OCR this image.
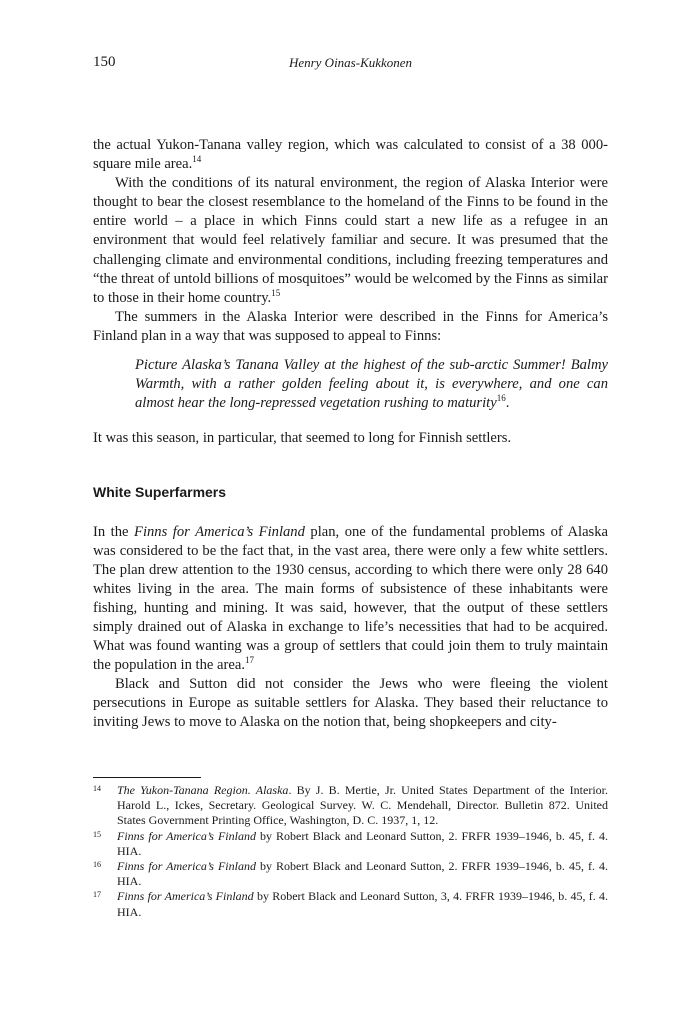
150	Henry Oinas-Kukkonen

the actual Yukon-Tanana valley region, which was calculated to consist of a 38 000-square mile area.$^{14}$

With the conditions of its natural environment, the region of Alaska Interior were thought to bear the closest resemblance to the homeland of the Finns to be found in the entire world – a place in which Finns could start a new life as a refugee in an environment that would feel relatively familiar and secure. It was presumed that the challenging climate and environmental conditions, including freezing temperatures and “the threat of untold billions of mosquitoes” would be welcomed by the Finns as similar to those in their home country.$^{15}$

The summers in the Alaska Interior were described in the Finns for America’s Finland plan in a way that was supposed to appeal to Finns:

Picture Alaska’s Tanana Valley at the highest of the sub-arctic Summer! Balmy Warmth, with a rather golden feeling about it, is everywhere, and one can almost hear the long-repressed vegetation rushing to maturity$^{16}$.

It was this season, in particular, that seemed to long for Finnish settlers.

White Superfarmers

In the Finns for America’s Finland plan, one of the fundamental problems of Alaska was considered to be the fact that, in the vast area, there were only a few white settlers. The plan drew attention to the 1930 census, according to which there were only 28 640 whites living in the area. The main forms of subsistence of these inhabitants were fishing, hunting and mining. It was said, however, that the output of these settlers simply drained out of Alaska in exchange to life’s necessities that had to be acquired. What was found wanting was a group of settlers that could join them to truly maintain the population in the area.$^{17}$

Black and Sutton did not consider the Jews who were fleeing the violent persecutions in Europe as suitable settlers for Alaska. They based their reluctance to inviting Jews to move to Alaska on the notion that, being shopkeepers and city-

14 The Yukon-Tanana Region. Alaska. By J. B. Mertie, Jr. United States Department of the Interior. Harold L., Ickes, Secretary. Geological Survey. W. C. Mendehall, Director. Bulletin 872. United States Government Printing Office, Washington, D. C. 1937, 1, 12.
15 Finns for America’s Finland by Robert Black and Leonard Sutton, 2. FRFR 1939–1946, b. 45, f. 4. HIA.
16 Finns for America’s Finland by Robert Black and Leonard Sutton, 2. FRFR 1939–1946, b. 45, f. 4. HIA.
17 Finns for America’s Finland by Robert Black and Leonard Sutton, 3, 4. FRFR 1939–1946, b. 45, f. 4. HIA.
